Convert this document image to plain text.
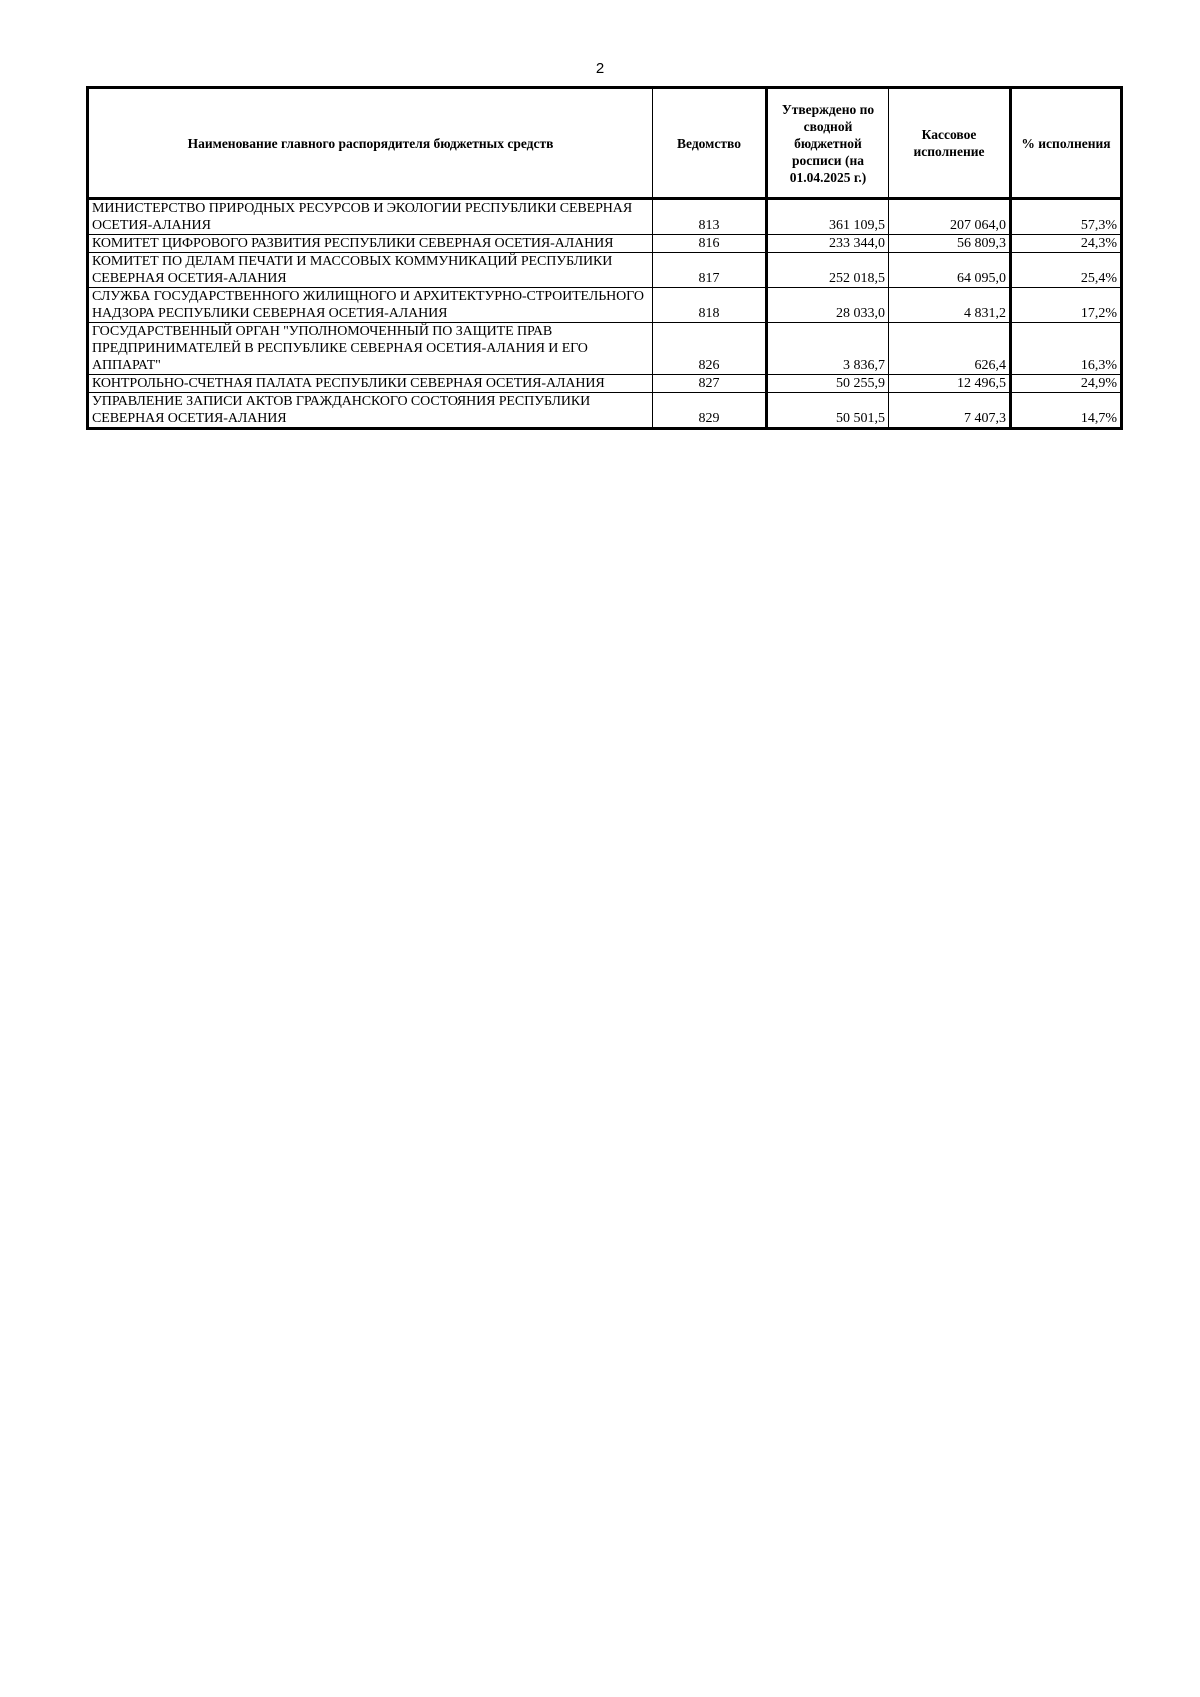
2
Наименование главного распорядителя бюджетных средств	Ведомство	Утверждено по сводной бюджетной росписи (на 01.04.2025 г.)	Кассовое исполнение	% исполнения
МИНИСТЕРСТВО ПРИРОДНЫХ РЕСУРСОВ И ЭКОЛОГИИ РЕСПУБЛИКИ СЕВЕРНАЯ ОСЕТИЯ-АЛАНИЯ	813	361 109,5	207 064,0	57,3%
КОМИТЕТ ЦИФРОВОГО РАЗВИТИЯ РЕСПУБЛИКИ СЕВЕРНАЯ ОСЕТИЯ-АЛАНИЯ	816	233 344,0	56 809,3	24,3%
КОМИТЕТ ПО ДЕЛАМ ПЕЧАТИ И МАССОВЫХ КОММУНИКАЦИЙ РЕСПУБЛИКИ СЕВЕРНАЯ ОСЕТИЯ-АЛАНИЯ	817	252 018,5	64 095,0	25,4%
СЛУЖБА ГОСУДАРСТВЕННОГО ЖИЛИЩНОГО И АРХИТЕКТУРНО-СТРОИТЕЛЬНОГО НАДЗОРА РЕСПУБЛИКИ СЕВЕРНАЯ ОСЕТИЯ-АЛАНИЯ	818	28 033,0	4 831,2	17,2%
ГОСУДАРСТВЕННЫЙ ОРГАН "УПОЛНОМОЧЕННЫЙ ПО ЗАЩИТЕ ПРАВ ПРЕДПРИНИМАТЕЛЕЙ В РЕСПУБЛИКЕ СЕВЕРНАЯ ОСЕТИЯ-АЛАНИЯ И ЕГО АППАРАТ"	826	3 836,7	626,4	16,3%
КОНТРОЛЬНО-СЧЕТНАЯ ПАЛАТА РЕСПУБЛИКИ СЕВЕРНАЯ ОСЕТИЯ-АЛАНИЯ	827	50 255,9	12 496,5	24,9%
УПРАВЛЕНИЕ ЗАПИСИ АКТОВ ГРАЖДАНСКОГО СОСТОЯНИЯ РЕСПУБЛИКИ СЕВЕРНАЯ ОСЕТИЯ-АЛАНИЯ	829	50 501,5	7 407,3	14,7%
